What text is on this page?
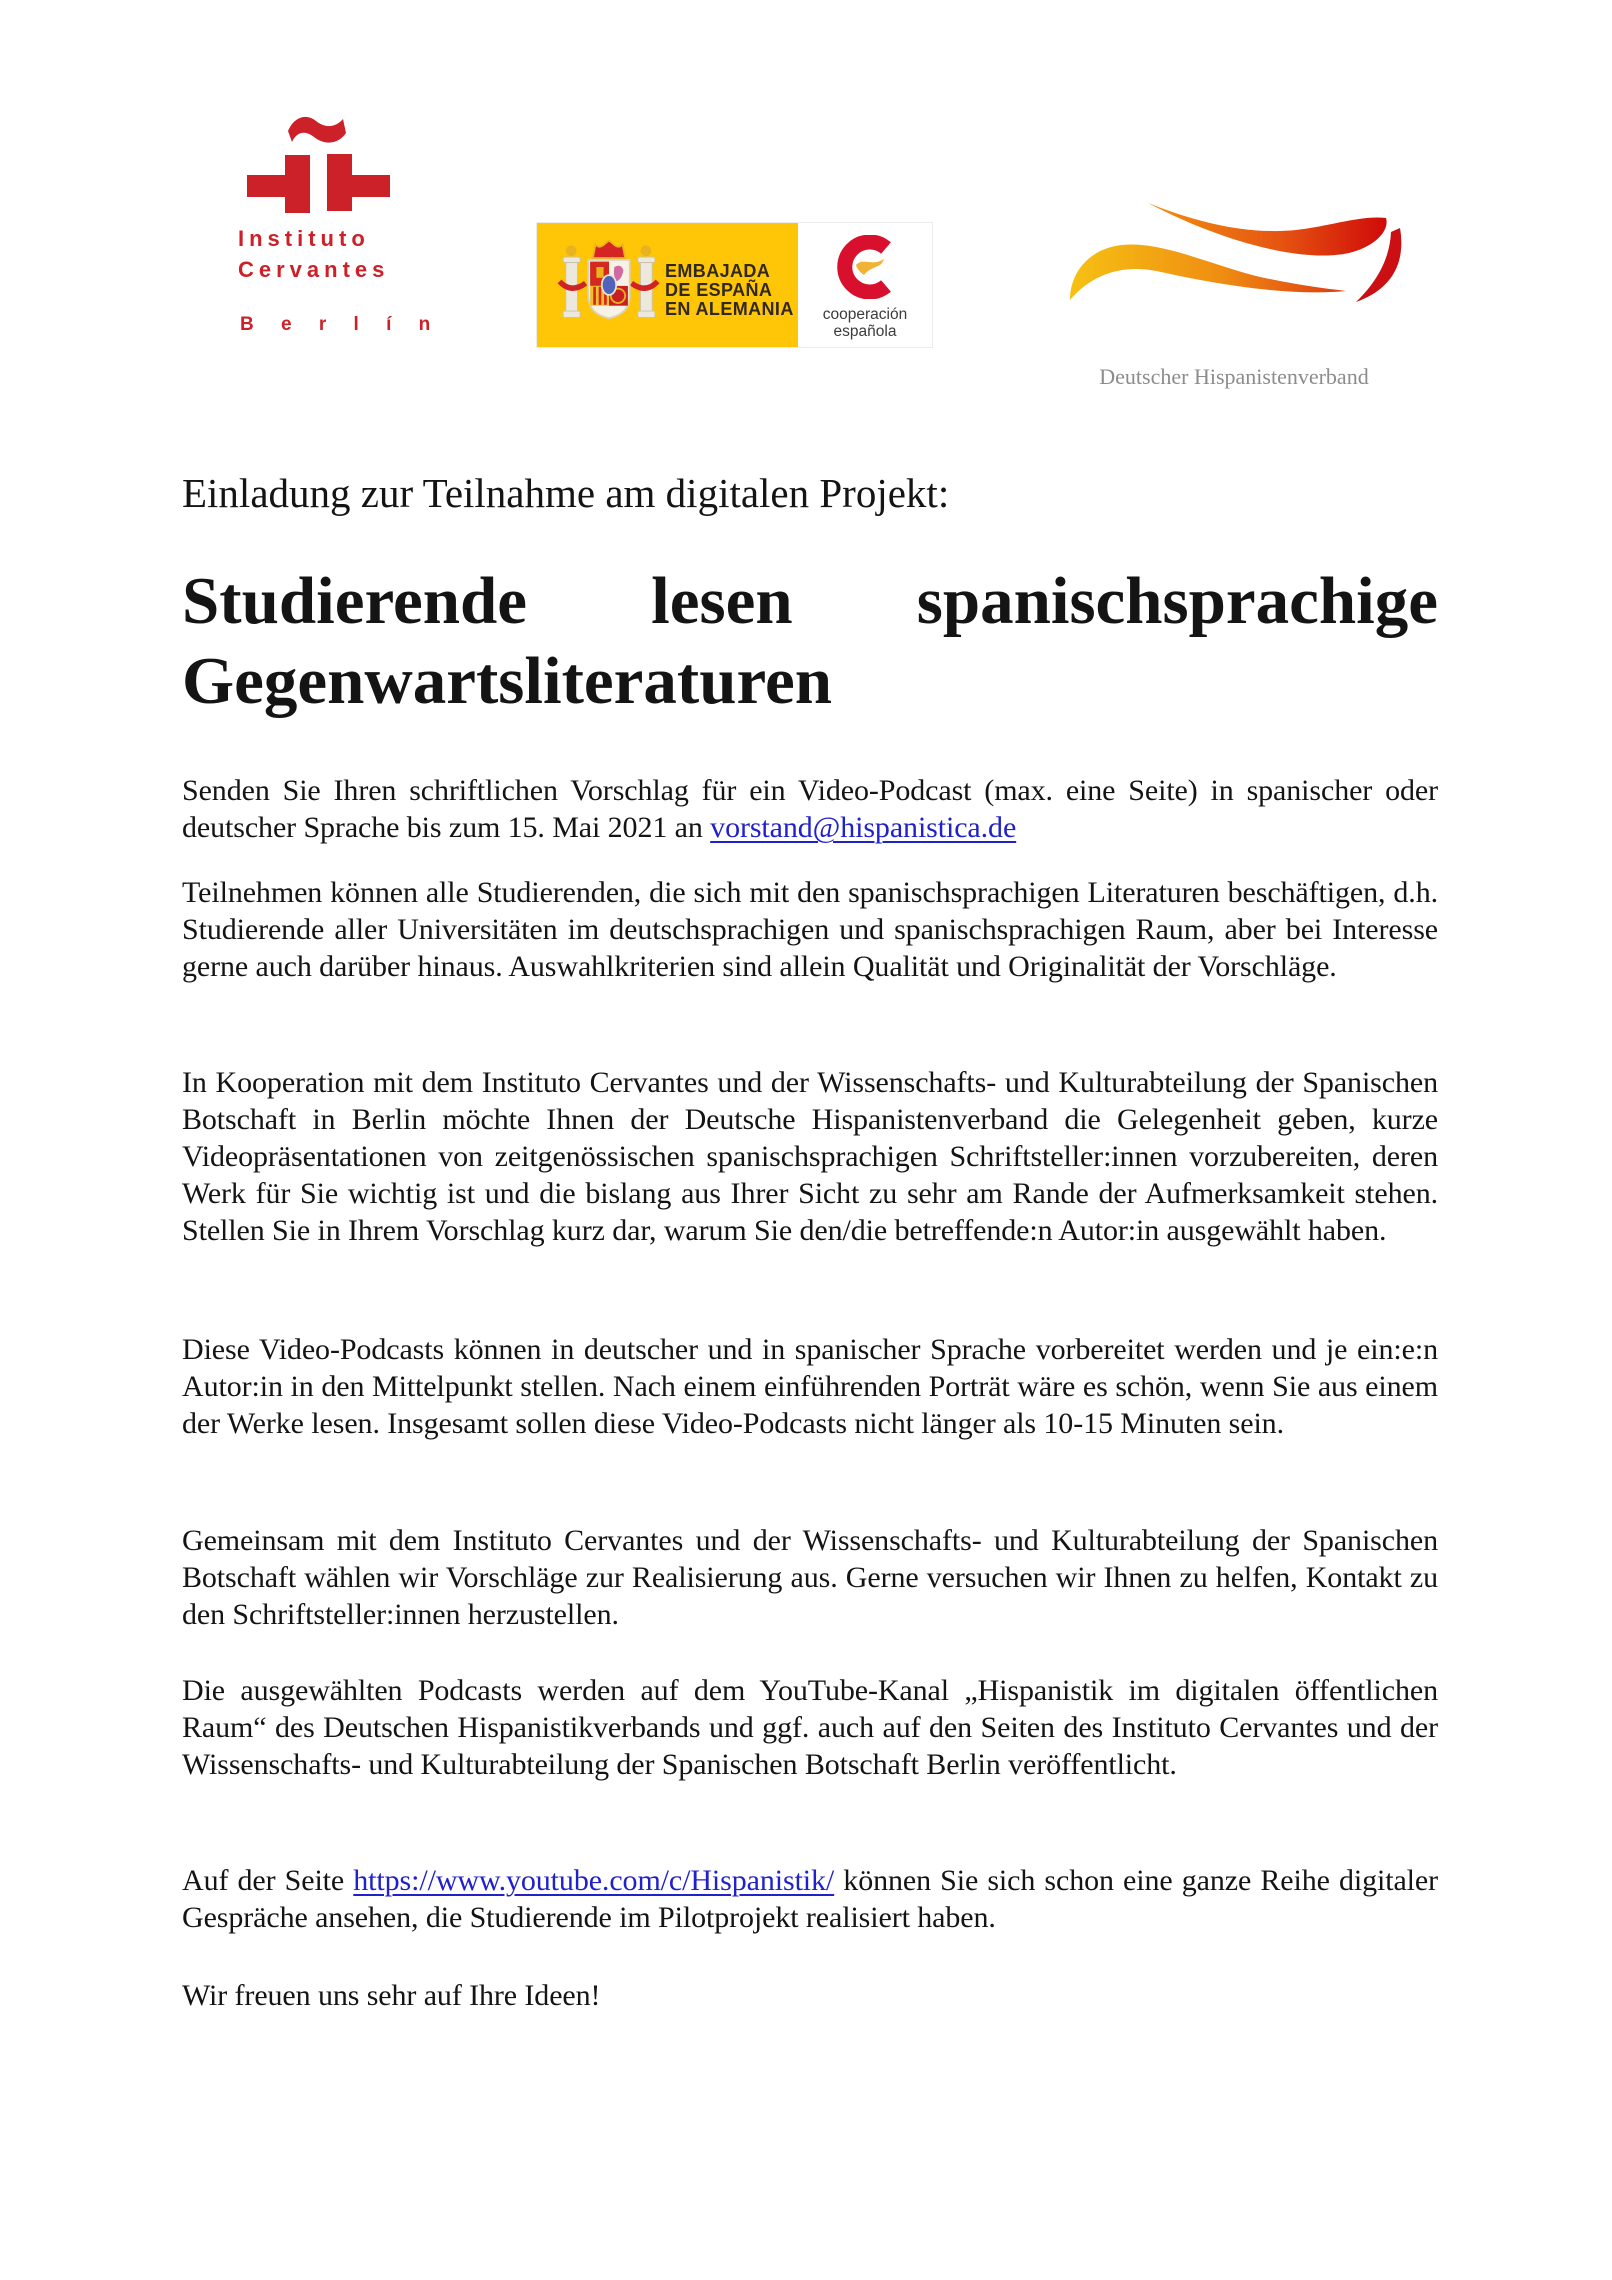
Instituto
Cervantes
B e r l í n
EMBAJADA
DE ESPAÑA
EN ALEMANIA	cooperación
española
Deutscher Hispanistenverband
Einladung zur Teilnahme am digitalen Projekt:
Studierende lesen spanischsprachige
Gegenwartsliteraturen

Senden Sie Ihren schriftlichen Vorschlag für ein Video-Podcast (max. eine Seite) in spanischer oder deutscher Sprache bis zum 15. Mai 2021 an vorstand@hispanistica.de

Teilnehmen können alle Studierenden, die sich mit den spanischsprachigen Literaturen beschäftigen, d.h. Studierende aller Universitäten im deutschsprachigen und spanischsprachigen Raum, aber bei Interesse gerne auch darüber hinaus. Auswahlkriterien sind allein Qualität und Originalität der Vorschläge.

In Kooperation mit dem Instituto Cervantes und der Wissenschafts- und Kulturabteilung der Spanischen Botschaft in Berlin möchte Ihnen der Deutsche Hispanistenverband die Gelegenheit geben, kurze Videopräsentationen von zeitgenössischen spanischsprachigen Schriftsteller:innen vorzubereiten, deren Werk für Sie wichtig ist und die bislang aus Ihrer Sicht zu sehr am Rande der Aufmerksamkeit stehen. Stellen Sie in Ihrem Vorschlag kurz dar, warum Sie den/die betreffende:n Autor:in ausgewählt haben.

Diese Video-Podcasts können in deutscher und in spanischer Sprache vorbereitet werden und je ein:e:n Autor:in in den Mittelpunkt stellen. Nach einem einführenden Porträt wäre es schön, wenn Sie aus einem der Werke lesen. Insgesamt sollen diese Video-Podcasts nicht länger als 10-15 Minuten sein.

Gemeinsam mit dem Instituto Cervantes und der Wissenschafts- und Kulturabteilung der Spanischen Botschaft wählen wir Vorschläge zur Realisierung aus. Gerne versuchen wir Ihnen zu helfen, Kontakt zu den Schriftsteller:innen herzustellen.

Die ausgewählten Podcasts werden auf dem YouTube-Kanal „Hispanistik im digitalen öffentlichen Raum“ des Deutschen Hispanistikverbands und ggf. auch auf den Seiten des Instituto Cervantes und der Wissenschafts- und Kulturabteilung der Spanischen Botschaft Berlin veröffentlicht.

Auf der Seite https://www.youtube.com/c/Hispanistik/ können Sie sich schon eine ganze Reihe digitaler Gespräche ansehen, die Studierende im Pilotprojekt realisiert haben.

Wir freuen uns sehr auf Ihre Ideen!
